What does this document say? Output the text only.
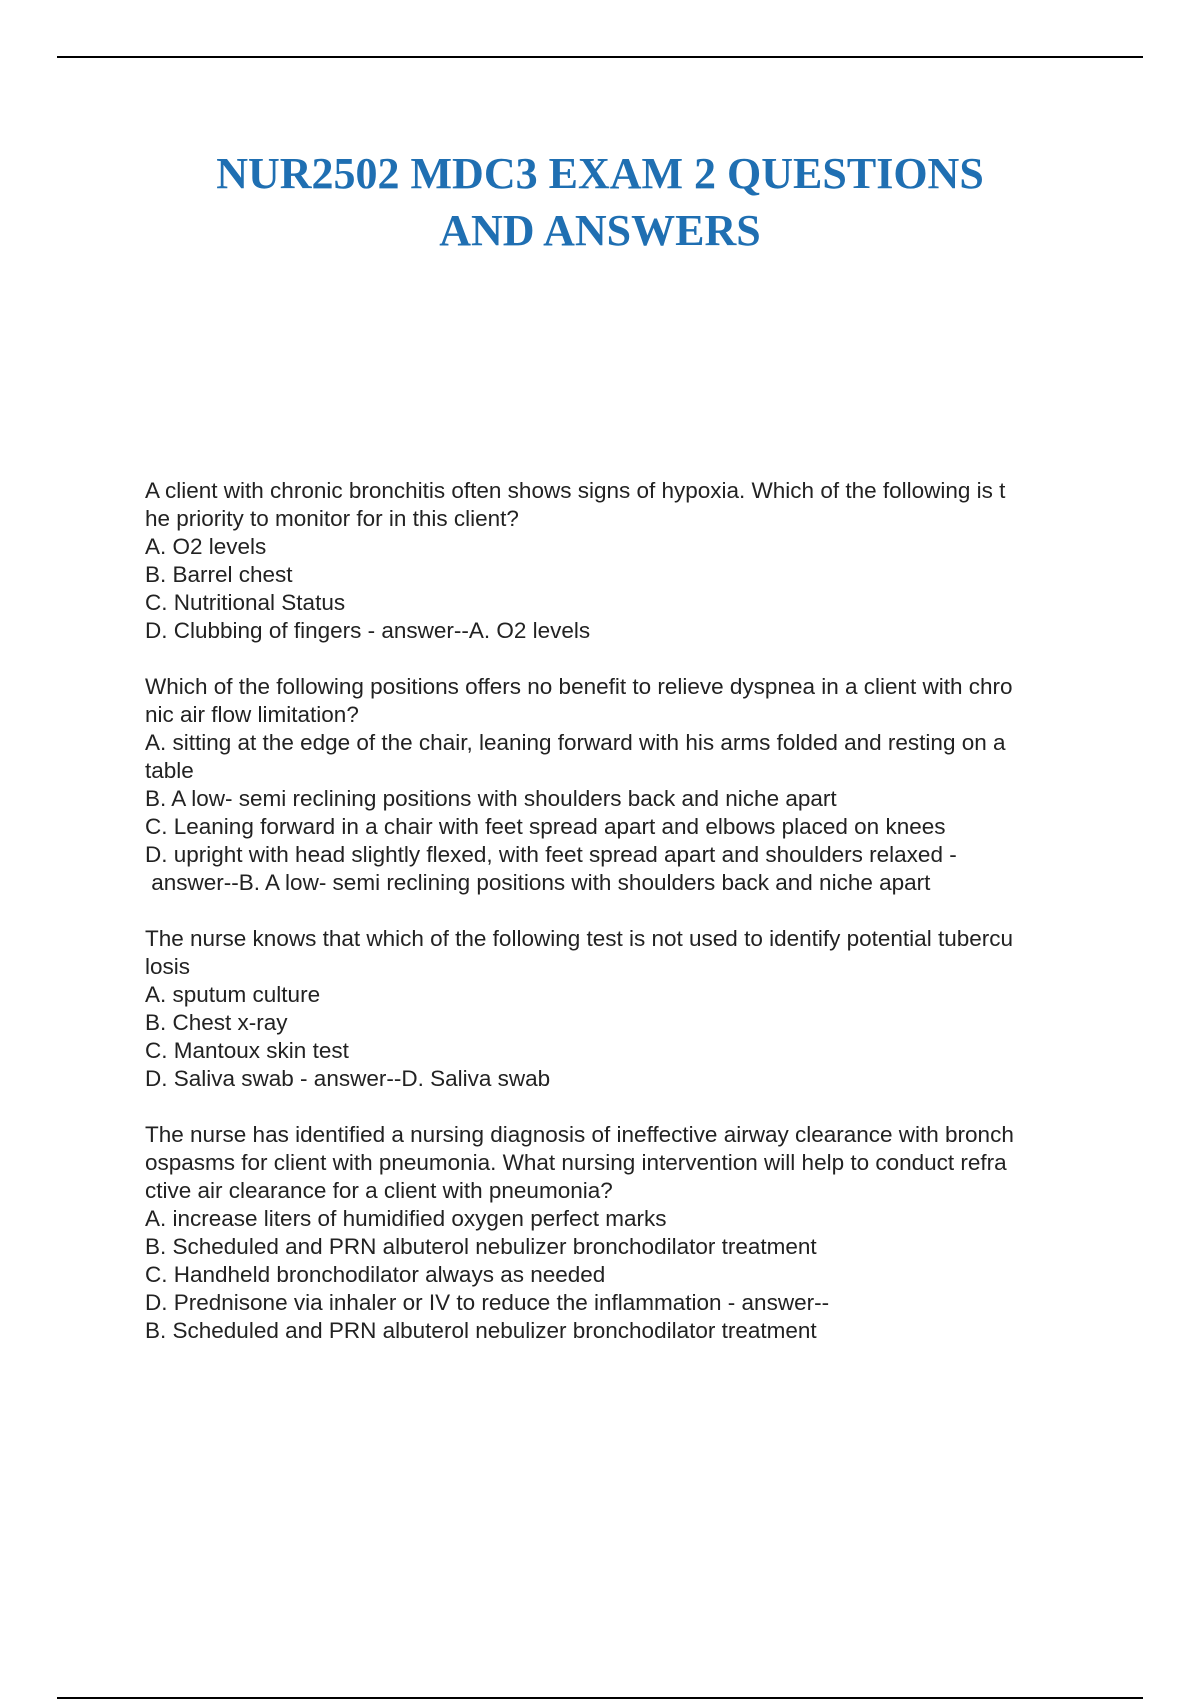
NUR2502 MDC3 EXAM 2 QUESTIONS
AND ANSWERS
A client with chronic bronchitis often shows signs of hypoxia. Which of the following is t
he priority to monitor for in this client?
A. O2 levels
B. Barrel chest
C. Nutritional Status
D. Clubbing of fingers - answer--A. O2 levels
Which of the following positions offers no benefit to relieve dyspnea in a client with chro
nic air flow limitation?
A. sitting at the edge of the chair, leaning forward with his arms folded and resting on a
table
B. A low- semi reclining positions with shoulders back and niche apart
C. Leaning forward in a chair with feet spread apart and elbows placed on knees
D. upright with head slightly flexed, with feet spread apart and shoulders relaxed -
answer--B. A low- semi reclining positions with shoulders back and niche apart
The nurse knows that which of the following test is not used to identify potential tubercu
losis
A. sputum culture
B. Chest x-ray
C. Mantoux skin test
D. Saliva swab - answer--D. Saliva swab
The nurse has identified a nursing diagnosis of ineffective airway clearance with bronch
ospasms for client with pneumonia. What nursing intervention will help to conduct refra
ctive air clearance for a client with pneumonia?
A. increase liters of humidified oxygen perfect marks
B. Scheduled and PRN albuterol nebulizer bronchodilator treatment
C. Handheld bronchodilator always as needed
D. Prednisone via inhaler or IV to reduce the inflammation - answer--
B. Scheduled and PRN albuterol nebulizer bronchodilator treatment
